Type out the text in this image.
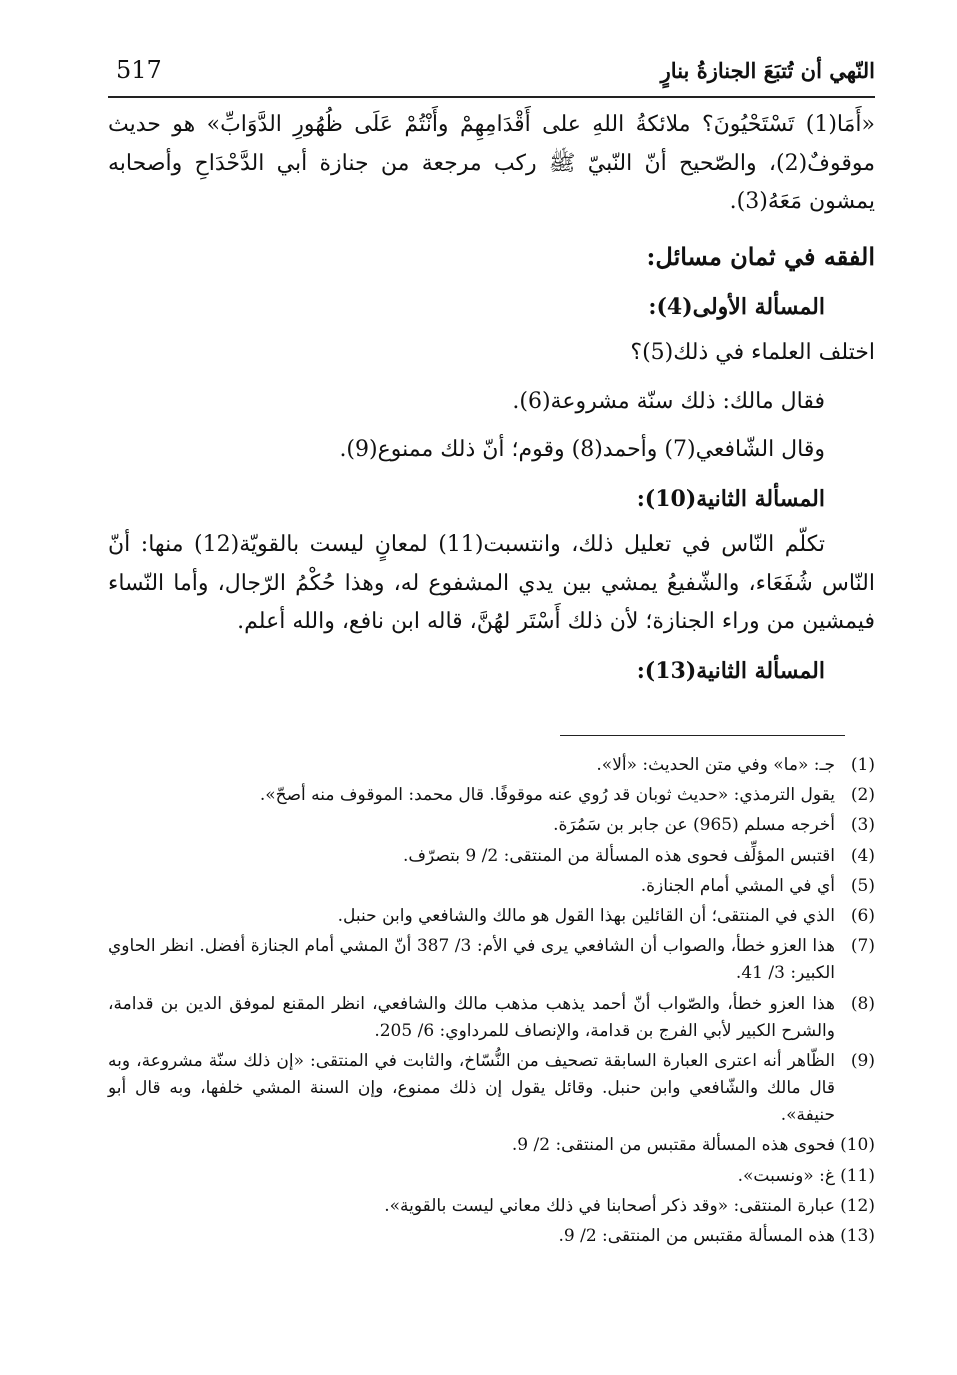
النّهي أن تُتبَعَ الجنازةُ بنارٍ
517

«أَمَا(1) تَسْتَحْيُونَ؟ ملائكةُ اللهِ على أَقْدَامِهِمْ وأَنْتُمْ عَلَى ظُهُورِ الدَّوَابِّ» هو حديث موقوفٌ(2)، والصّحيح أنّ النّبيّ ﷺ ركب مرجعة من جنازة أبي الدَّحْدَاحِ وأصحابه يمشون مَعَهُ(3).

الفقه في ثمان مسائل:

المسألة الأولى(4):

اختلف العلماء في ذلك(5)؟

فقال مالك: ذلك سنّة مشروعة(6).

وقال الشّافعي(7) وأحمد(8) وقوم؛ أنّ ذلك ممنوع(9).

المسألة الثانية(10):

تكلّم النّاس في تعليل ذلك، وانتسبت(11) لمعانٍ ليست بالقويّة(12) منها: أنّ النّاس شُفَعَاء، والشّفيعُ يمشي بين يدي المشفوع له، وهذا حُكْمُ الرّجال، وأما النّساء فيمشين من وراء الجنازة؛ لأن ذلك أَسْتَر لهُنَّ، قاله ابن نافع، والله أعلم.

المسألة الثانية(13):

(1)
جـ: «ما» وفي متن الحديث: «ألا».
(2)
يقول الترمذي: «حديث ثوبان قد رُوي عنه موقوفًا. قال محمد: الموقوف منه أصحّ».
(3)
أخرجه مسلم (965) عن جابر بن سَمُرَة.
(4)
اقتبس المؤلِّف فحوى هذه المسألة من المنتقى: 2/ 9 بتصرّف.
(5)
أي في المشي أمام الجنازة.
(6)
الذي في المنتقى؛ أن القائلين بهذا القول هو مالك والشافعي وابن حنبل.
(7)
هذا العزو خطأ، والصواب أن الشافعي يرى في الأم: 3/ 387 أنّ المشي أمام الجنازة أفضل. انظر الحاوي الكبير: 3/ 41.
(8)
هذا العزو خطأ، والصّواب أنّ أحمد يذهب مذهب مالك والشافعي، انظر المقنع لموفق الدين بن قدامة، والشرح الكبير لأبي الفرج بن قدامة، والإنصاف للمرداوي: 6/ 205.
(9)
الظّاهر أنه اعترى العبارة السابقة تصحيف من النُّسّاخ، والثابت في المنتقى: «إن ذلك سنّة مشروعة، وبه قال مالك والشّافعي وابن حنبل. وقائل يقول إن ذلك ممنوع، وإن السنة المشي خلفها، وبه قال أبو حنيفة».
(10)
فحوى هذه المسألة مقتبس من المنتقى: 2/ 9.
(11)
غ: «ونسبت».
(12)
عبارة المنتقى: «وقد ذكر أصحابنا في ذلك معاني ليست بالقوية».
(13)
هذه المسألة مقتبس من المنتقى: 2/ 9.
